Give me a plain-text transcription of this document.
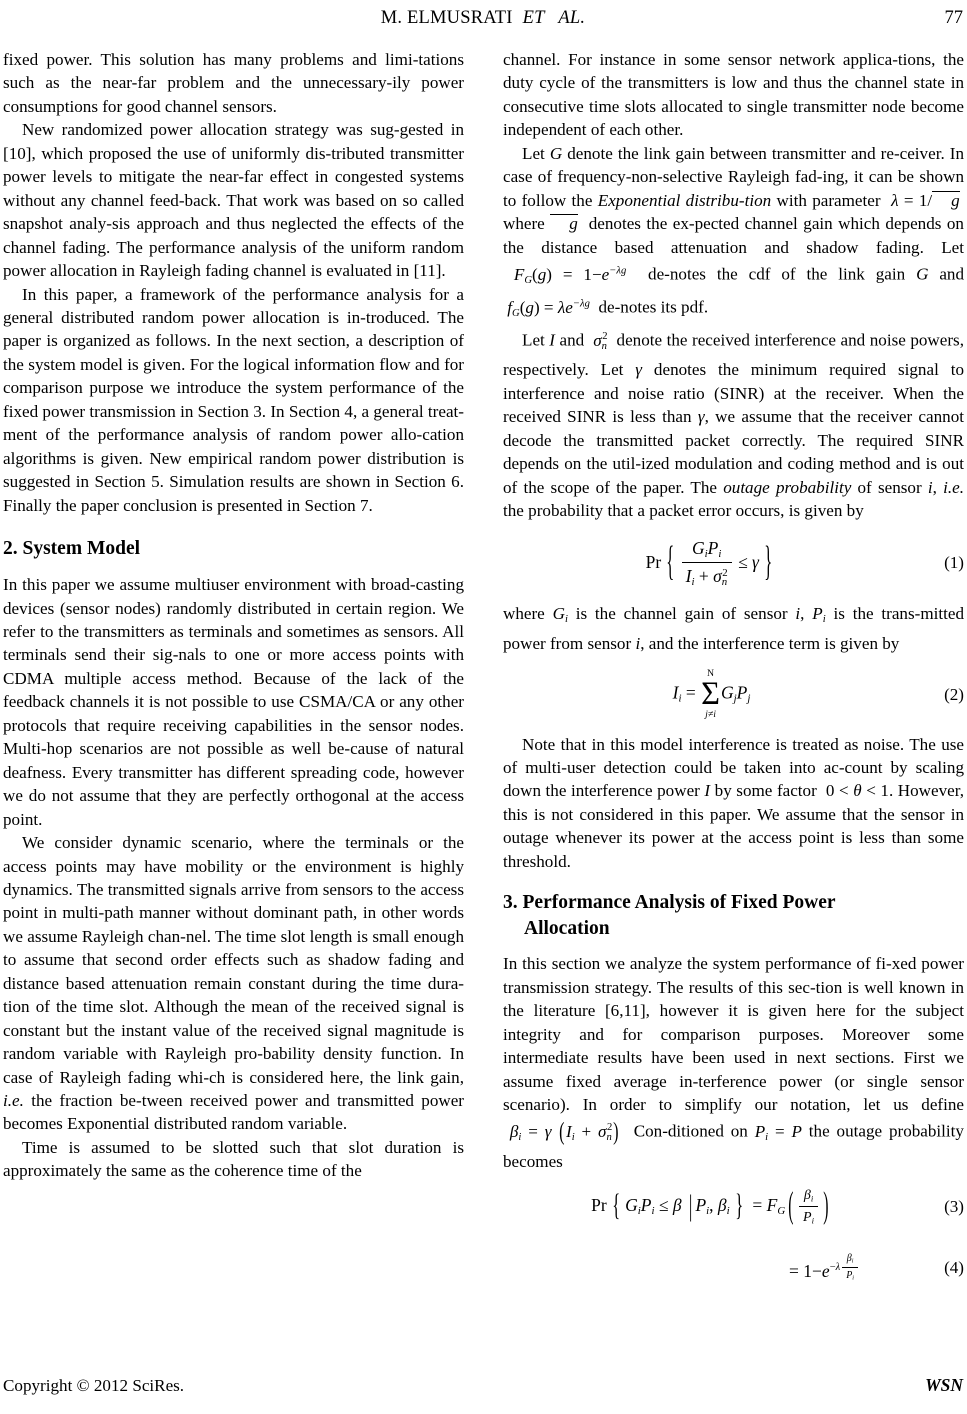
M. ELMUSRATI ET   AL.	77

fixed power. This solution has many problems and limi-tations such as the near-far problem and the unnecessary-ily power consumptions for good channel sensors.

New randomized power allocation strategy was sug-gested in [10], which proposed the use of uniformly dis-tributed transmitter power levels to mitigate the near-far effect in congested systems without any channel feed-back. That work was based on so called snapshot analy-sis approach and thus neglected the effects of the channel fading. The performance analysis of the uniform random power allocation in Rayleigh fading channel is evaluated in [11].

In this paper, a framework of the performance analysis for a general distributed random power allocation is in-troduced. The paper is organized as follows. In the next section, a description of the system model is given. For the logical information flow and for comparison purpose we introduce the system performance of the fixed power transmission in Section 3. In Section 4, a general treat-ment of the performance analysis of random power allo-cation algorithms is given. New empirical random power distribution is suggested in Section 5. Simulation results are shown in Section 6. Finally the paper conclusion is presented in Section 7.

2. System Model

In this paper we assume multiuser environment with broad-casting devices (sensor nodes) randomly distributed in certain region. We refer to the transmitters as terminals and sometimes as sensors. All terminals send their sig-nals to one or more access points with CDMA multiple access method. Because of the lack of the feedback channels it is not possible to use CSMA/CA or any other protocols that require receiving capabilities in the sensor nodes. Multi-hop scenarios are not possible as well be-cause of natural deafness. Every transmitter has different spreading code, however we do not assume that they are perfectly orthogonal at the access point.

We consider dynamic scenario, where the terminals or the access points may have mobility or the environment is highly dynamics. The transmitted signals arrive from sensors to the access point in multi-path manner without dominant path, in other words we assume Rayleigh chan-nel. The time slot length is small enough to assume that second order effects such as shadow fading and distance based attenuation remain constant during the time dura-tion of the time slot. Although the mean of the received signal is constant but the instant value of the received signal magnitude is random variable with Rayleigh pro-bability density function. In case of Rayleigh fading whi-ch is considered here, the link gain, i.e. the fraction be-tween received power and transmitted power becomes Exponential distributed random variable.

Time is assumed to be slotted such that slot duration is approximately the same as the coherence time of the

channel. For instance in some sensor network applica-tions, the duty cycle of the transmitters is low and thus the channel state in consecutive time slots allocated to single transmitter node become independent of each other.

Let G denote the link gain between transmitter and re-ceiver. In case of frequency-non-selective Rayleigh fad-ing, it can be shown to follow the Exponential distribu-tion with parameter  λ = 1/ g  where g  denotes the ex-pected channel gain which depends on the distance based attenuation and shadow fading. Let  $F_G(g) = 1-e^{-\lambda g}$  de-notes the cdf of the link gain G and  $f_G(g) = \lambda e^{-\lambda g}$  de-notes its pdf.

Let I and  $\sigma_n^2$  denote the received interference and noise powers, respectively. Let γ denotes the minimum required signal to interference and noise ratio (SINR) at the receiver. When the received SINR is less than γ, we assume that the receiver cannot decode the transmitted packet correctly. The required SINR depends on the util-ized modulation and coding method and is out of the scope of the paper. The outage probability of sensor i, i.e. the probability that a packet error occurs, is given by

Pr { $\frac{G_iP_i}{I_i + \sigma_n^2} \le \gamma$ }	(1)

where $G_i$ is the channel gain of sensor i, $P_i$ is the trans-mitted power from sensor i, and the interference term is given by

$I_i$ =
N
Σ
j≠i
$G_jP_j$	(2)

Note that in this model interference is treated as noise. The use of multi-user detection could be taken into ac-count by scaling down the interference power I by some factor  0 < θ < 1. However, this is not considered in this paper. We assume that the sensor in outage whenever its power at the access point is less than some threshold.

3. Performance Analysis of Fixed Power
Allocation

In this section we analyze the system performance of fi-xed power transmission strategy. The results of this sec-tion is well known in the literature [6,11], however it is given here for the subject integrity and for comparison purposes. Moreover some intermediate results have been used in next sections. First we assume fixed average in-terference power (or single sensor scenario). In order to simplify our notation, let us define  $\beta_i = \gamma$ $(I_i + \sigma_n^2)$  Con-ditioned on $P_i = P$ the outage probability becomes

Pr { $G_iP_i \le \beta$ | $P_i$, $\beta_i$ } = $F_G$ ( $\frac{\beta_i}{P_i}$ )	(3)
= $1-e^{-\lambda \frac{\beta_i}{P_i}}$	(4)
Copyright © 2012 SciRes.	WSN
